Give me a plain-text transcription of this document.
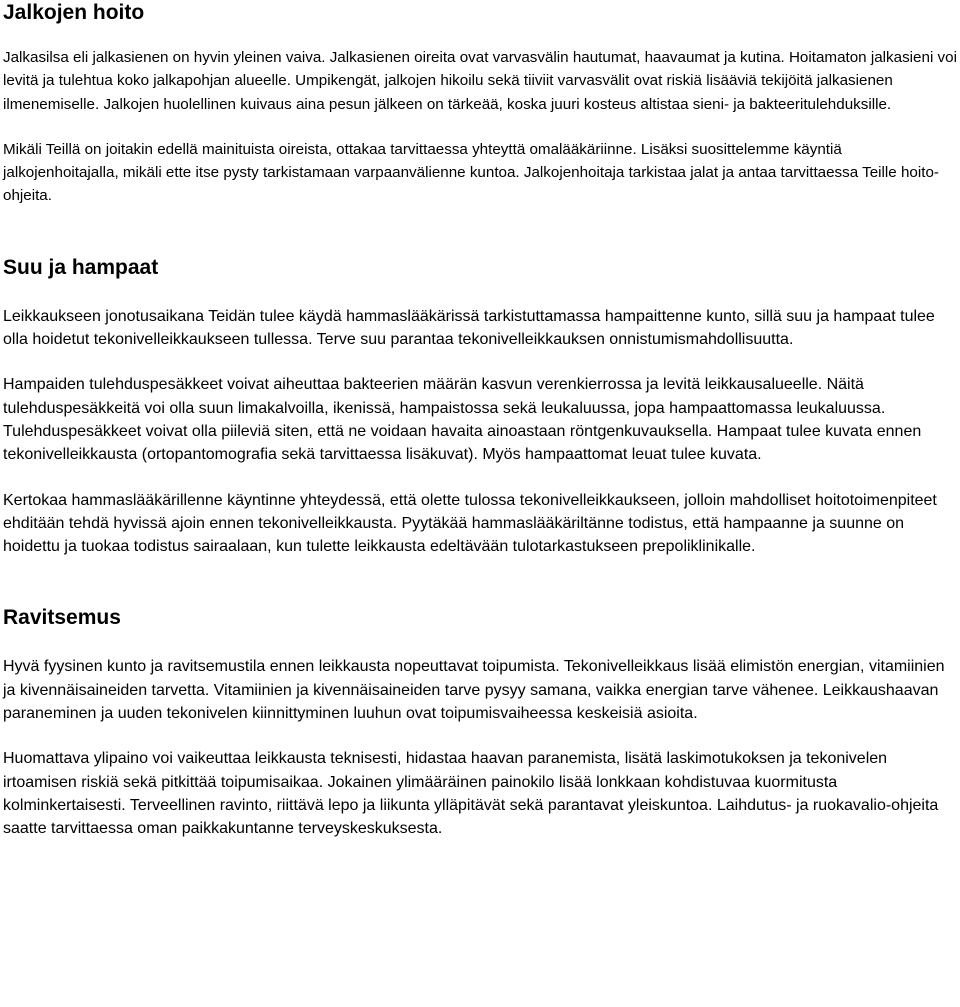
Jalkojen hoito

Jalkasilsa eli jalkasienen on hyvin yleinen vaiva. Jalkasienen oireita ovat varvasvälin hautumat, haavaumat ja kutina. Hoitamaton jalkasieni voi levitä ja tulehtua koko jalkapohjan alueelle. Umpikengät, jalkojen hikoilu sekä tiiviit varvasvälit ovat riskiä lisääviä tekijöitä jalkasienen ilmenemiselle. Jalkojen huolellinen kuivaus aina pesun jälkeen on tärkeää, koska juuri kosteus altistaa sieni- ja bakteeritulehduksille.

Mikäli Teillä on joitakin edellä mainituista oireista, ottakaa tarvittaessa yhteyttä omalääkäriinne. Lisäksi suosittelemme käyntiä jalkojenhoitajalla, mikäli ette itse pysty tarkistamaan varpaanvälienne kuntoa. Jalkojenhoitaja tarkistaa jalat ja antaa tarvittaessa Teille hoito-ohjeita.

Suu ja hampaat

Leikkaukseen jonotusaikana Teidän tulee käydä hammaslääkärissä tarkistuttamassa hampaittenne kunto, sillä suu ja hampaat tulee olla hoidetut tekonivelleikkaukseen tullessa. Terve suu parantaa tekonivelleikkauksen onnistumismahdollisuutta.

Hampaiden tulehduspesäkkeet voivat aiheuttaa bakteerien määrän kasvun verenkierrossa ja levitä leikkausalueelle. Näitä tulehduspesäkkeitä voi olla suun limakalvoilla, ikenissä, hampaistossa sekä leukaluussa, jopa hampaattomassa leukaluussa. Tulehduspesäkkeet voivat olla piileviä siten, että ne voidaan havaita ainoastaan röntgenkuvauksella. Hampaat tulee kuvata ennen tekonivelleikkausta (ortopantomografia sekä tarvittaessa lisäkuvat). Myös hampaattomat leuat tulee kuvata.

Kertokaa hammaslääkärillenne käyntinne yhteydessä, että olette tulossa tekonivelleikkaukseen, jolloin mahdolliset hoitotoimenpiteet ehditään tehdä hyvissä ajoin ennen tekonivelleikkausta. Pyytäkää hammaslääkäriltänne todistus, että hampaanne ja suunne on hoidettu ja tuokaa todistus sairaalaan, kun tulette leikkausta edeltävään tulotarkastukseen prepoliklinikalle.

Ravitsemus

Hyvä fyysinen kunto ja ravitsemustila ennen leikkausta nopeuttavat toipumista. Tekonivelleikkaus lisää elimistön energian, vitamiinien ja kivennäisaineiden tarvetta. Vitamiinien ja kivennäisaineiden tarve pysyy samana, vaikka energian tarve vähenee. Leikkaushaavan paraneminen ja uuden tekonivelen kiinnittyminen luuhun ovat toipumisvaiheessa keskeisiä asioita.

Huomattava ylipaino voi vaikeuttaa leikkausta teknisesti, hidastaa haavan paranemista, lisätä laskimotukoksen ja tekonivelen irtoamisen riskiä sekä pitkittää toipumisaikaa. Jokainen ylimääräinen painokilo lisää lonkkaan kohdistuvaa kuormitusta kolminkertaisesti. Terveellinen ravinto, riittävä lepo ja liikunta ylläpitävät sekä parantavat yleiskuntoa. Laihdutus- ja ruokavalio-ohjeita saatte tarvittaessa oman paikkakuntanne terveyskeskuksesta.
